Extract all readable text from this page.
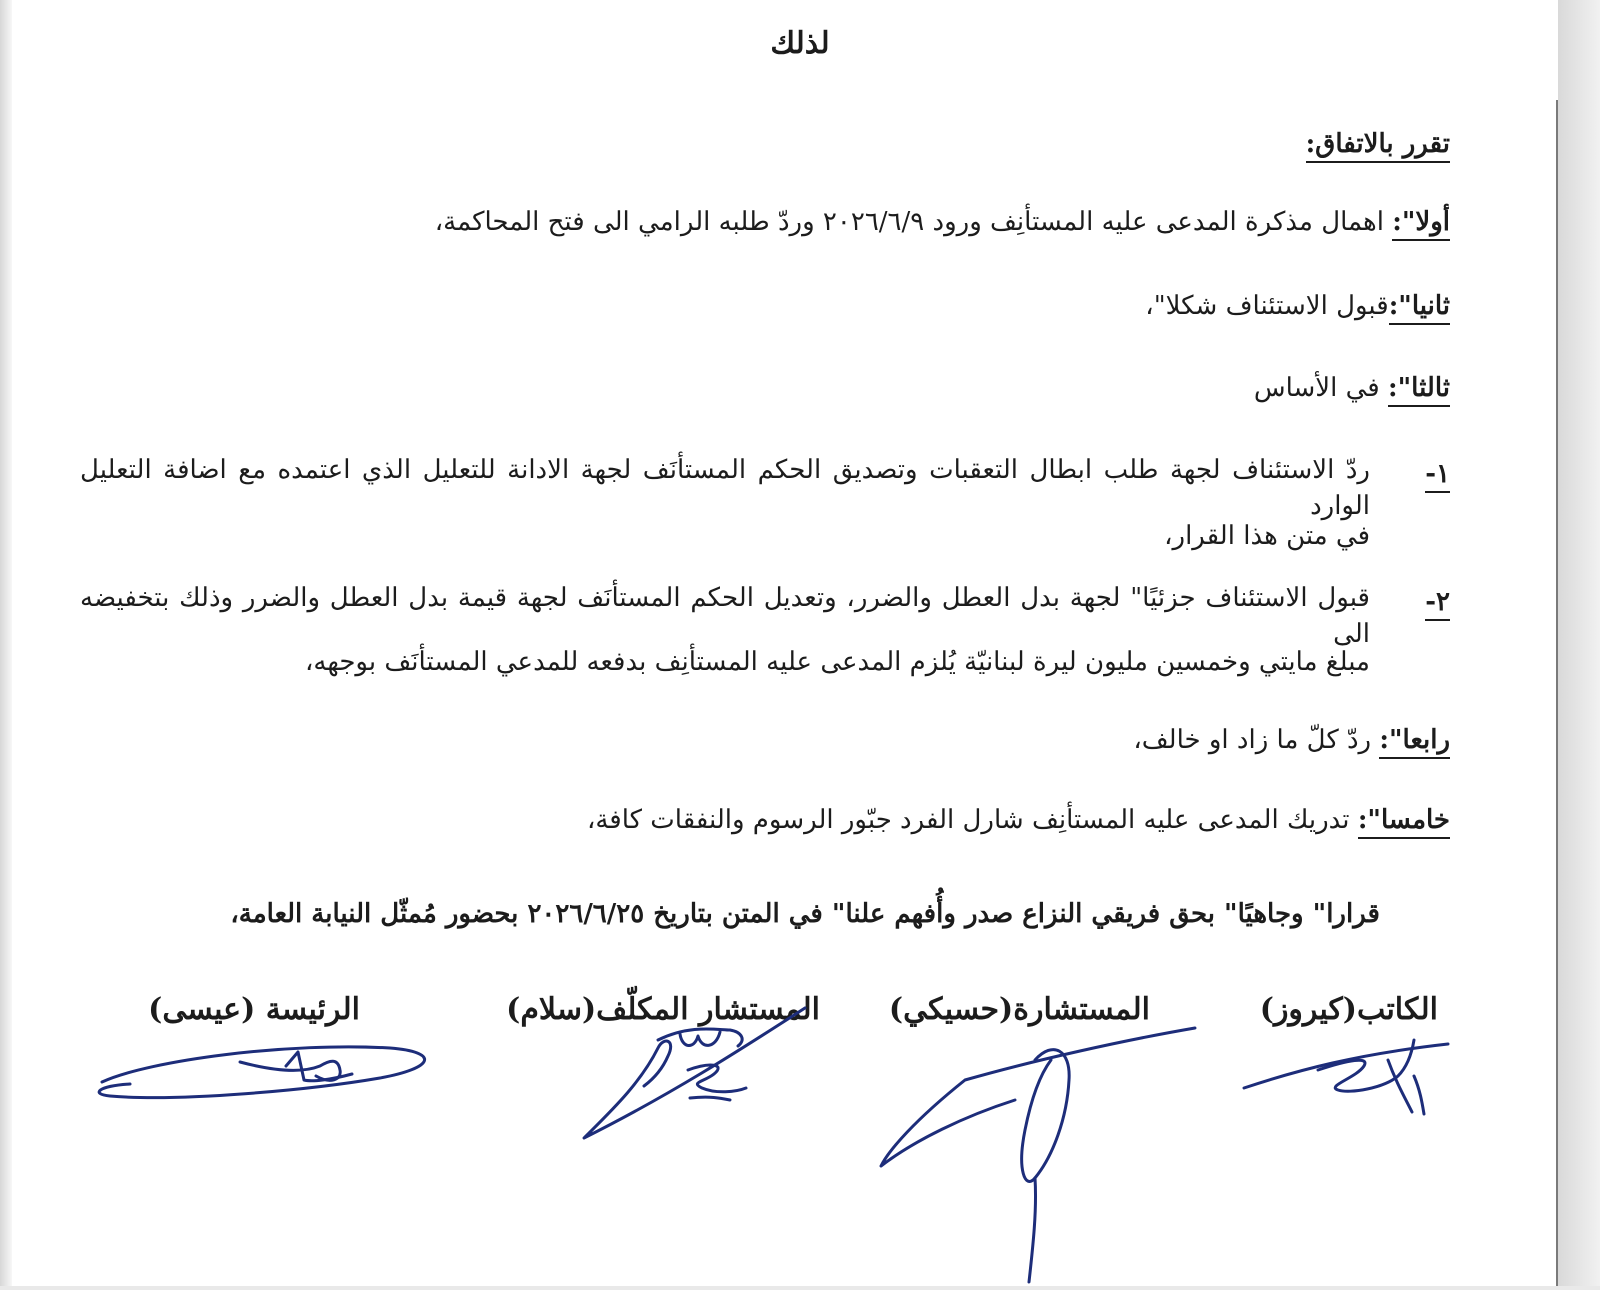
لذلك
تقرر بالاتفاق:
أولا": اهمال مذكرة المدعى عليه المستأنِف ورود ٢٠٢٦/٦/٩ وردّ طلبه الرامي الى فتح المحاكمة،
ثانيا":قبول الاستئناف شكلا"،
ثالثا": في الأساس
١-
ردّ الاستئناف لجهة طلب ابطال التعقبات وتصديق الحكم المستأنَف لجهة الادانة للتعليل الذي اعتمده مع اضافة التعليل الوارد
في متن هذا القرار،
٢-
قبول الاستئناف جزئيًا" لجهة بدل العطل والضرر، وتعديل الحكم المستأنَف لجهة قيمة بدل العطل والضرر وذلك بتخفيضه الى
مبلغ مايتي وخمسين مليون ليرة لبنانيّة يُلزم المدعى عليه المستأنِف بدفعه للمدعي المستأنَف بوجهه،
رابعا": ردّ كلّ ما زاد او خالف،
خامسا": تدريك المدعى عليه المستأنِف شارل الفرد جبّور الرسوم والنفقات كافة،
قرارا" وجاهيًا" بحق فريقي النزاع صدر وأُفهم علنا" في المتن بتاريخ ٢٠٢٦/٦/٢٥ بحضور مُمثّل النيابة العامة،
الكاتب(كيروز)
المستشارة(حسيكي)
المستشار المكلّف(سلام)
الرئيسة (عيسى)
